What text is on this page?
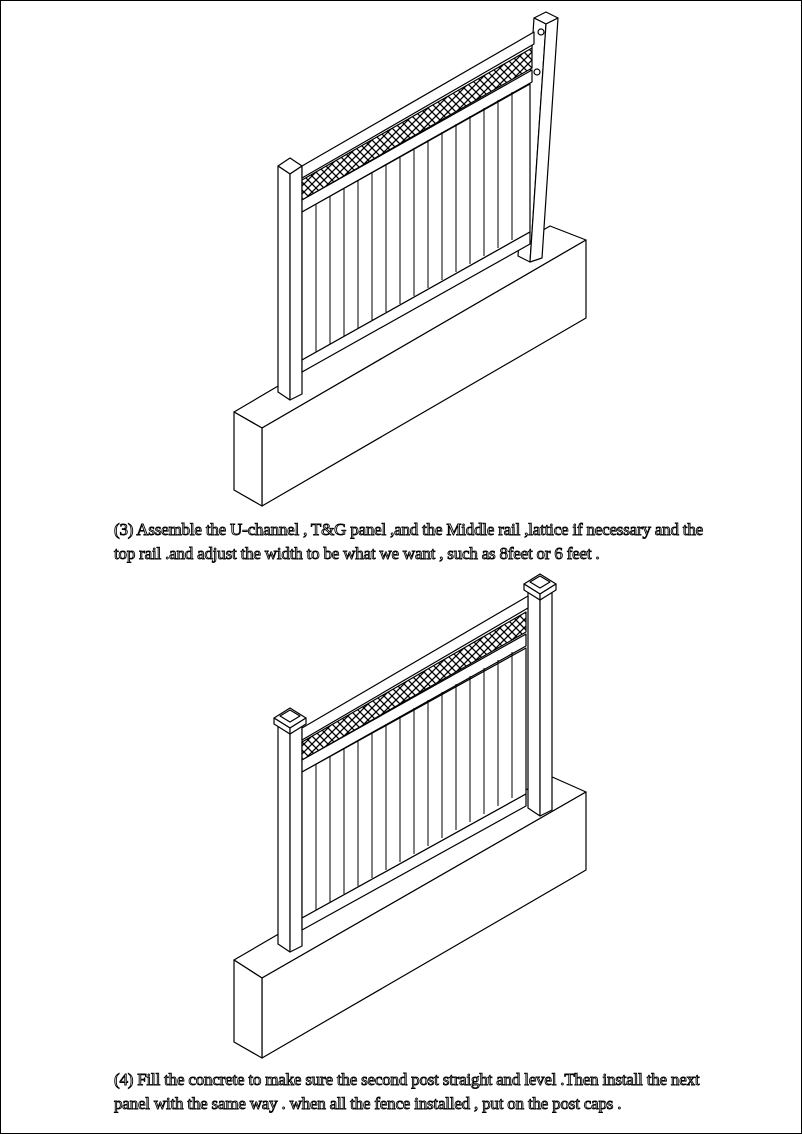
(3) Assemble the U-channel , T&G panel ,and the Middle rail ,lattice if necessary and the
top rail .and adjust the width to be what we want , such as 8feet or 6 feet .
(4) Fill the concrete to make sure the second post straight and level .Then install the next
panel with the same way . when all the fence installed , put on the post caps .
